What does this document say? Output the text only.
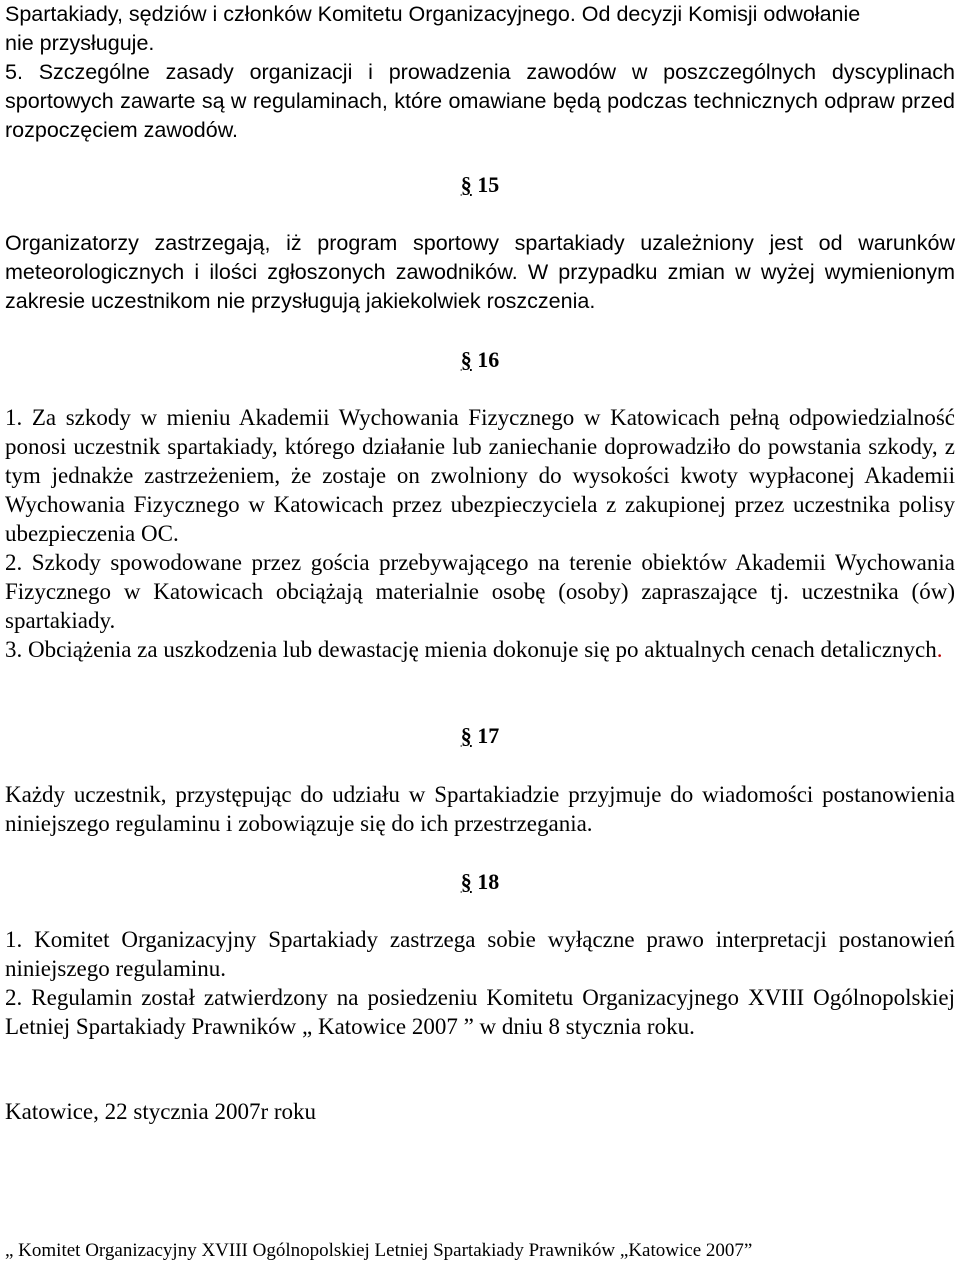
Spartakiady, sędziów i członków Komitetu Organizacyjnego. Od decyzji Komisji odwołanie
nie przysługuje.
5. Szczególne zasady organizacji i prowadzenia zawodów w poszczególnych dyscyplinach sportowych zawarte są w regulaminach, które omawiane będą podczas technicznych odpraw przed rozpoczęciem zawodów.
§ 15
Organizatorzy zastrzegają, iż program sportowy spartakiady uzależniony jest od warunków meteorologicznych i ilości zgłoszonych zawodników. W przypadku zmian w wyżej wymienionym zakresie uczestnikom nie przysługują jakiekolwiek roszczenia.
§ 16
1. Za szkody w mieniu Akademii Wychowania Fizycznego w Katowicach pełną odpowiedzialność ponosi uczestnik spartakiady, którego działanie lub zaniechanie doprowadziło do powstania szkody, z tym jednakże zastrzeżeniem, że zostaje on zwolniony do wysokości kwoty wypłaconej Akademii Wychowania Fizycznego w Katowicach przez ubezpieczyciela z zakupionej przez uczestnika polisy ubezpieczenia OC.
2. Szkody spowodowane przez gościa przebywającego na terenie obiektów Akademii Wychowania Fizycznego w Katowicach obciążają materialnie osobę (osoby) zapraszające tj. uczestnika (ów) spartakiady.
3. Obciążenia za uszkodzenia lub dewastację mienia dokonuje się po aktualnych cenach detalicznych.
§ 17
Każdy uczestnik, przystępując do udziału w Spartakiadzie przyjmuje do wiadomości postanowienia niniejszego regulaminu i zobowiązuje się do ich przestrzegania.
§ 18
1. Komitet Organizacyjny Spartakiady zastrzega sobie wyłączne prawo interpretacji postanowień niniejszego regulaminu.
2. Regulamin został zatwierdzony na posiedzeniu Komitetu Organizacyjnego XVIII Ogólnopolskiej Letniej Spartakiady Prawników „ Katowice 2007 ” w dniu 8 stycznia roku.
Katowice, 22 stycznia 2007r roku
„ Komitet Organizacyjny XVIII Ogólnopolskiej Letniej Spartakiady Prawników „Katowice 2007”
